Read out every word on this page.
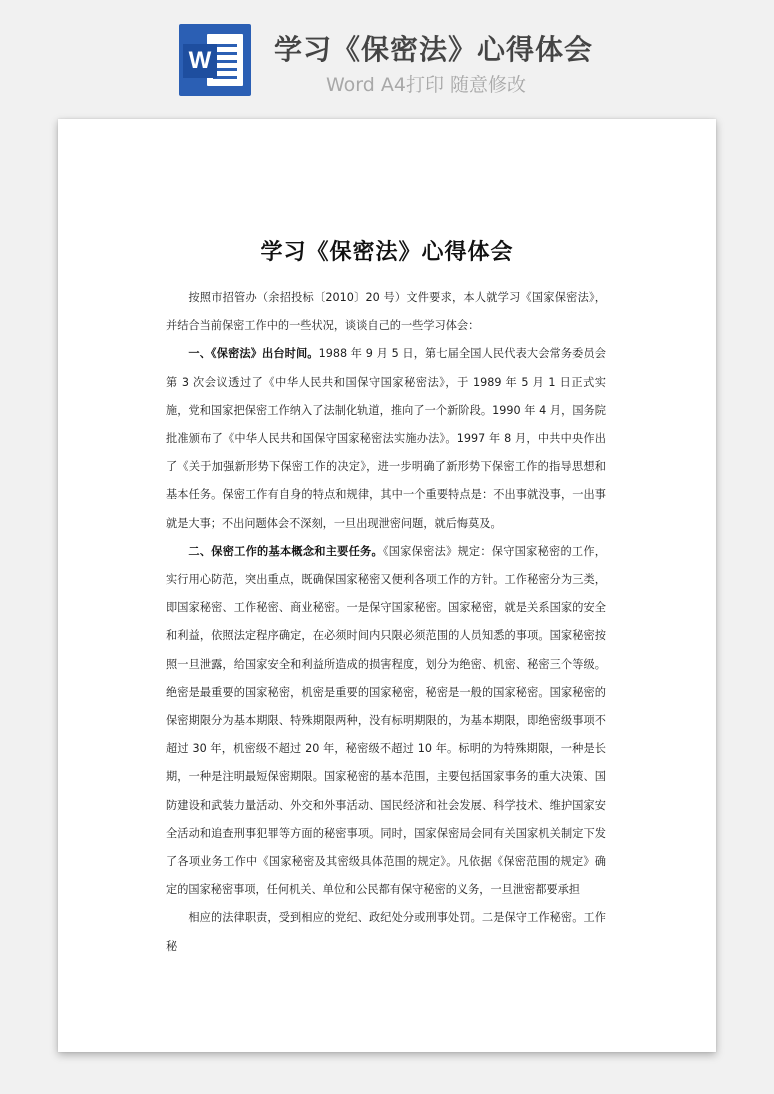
W 学习《保密法》心得体会
Word A4打印 随意修改
学习《保密法》心得体会

按照市招管办（余招投标〔2010〕20 号）文件要求，本人就学习《国家保密法》，并结合当前保密工作中的一些状况，谈谈自己的一些学习体会：

一、《保密法》出台时间。1988 年 9 月 5 日，第七届全国人民代表大会常务委员会第 3 次会议透过了《中华人民共和国保守国家秘密法》，于 1989 年 5 月 1 日正式实施，党和国家把保密工作纳入了法制化轨道，推向了一个新阶段。1990 年 4 月，国务院批准颁布了《中华人民共和国保守国家秘密法实施办法》。1997 年 8 月，中共中央作出了《关于加强新形势下保密工作的决定》，进一步明确了新形势下保密工作的指导思想和基本任务。保密工作有自身的特点和规律，其中一个重要特点是：不出事就没事，一出事就是大事；不出问题体会不深刻，一旦出现泄密问题，就后悔莫及。

二、保密工作的基本概念和主要任务。《国家保密法》规定：保守国家秘密的工作，实行用心防范，突出重点，既确保国家秘密又便利各项工作的方针。工作秘密分为三类，即国家秘密、工作秘密、商业秘密。一是保守国家秘密。国家秘密，就是关系国家的安全和利益，依照法定程序确定，在必须时间内只限必须范围的人员知悉的事项。国家秘密按照一旦泄露，给国家安全和利益所造成的损害程度，划分为绝密、机密、秘密三个等级。绝密是最重要的国家秘密，机密是重要的国家秘密，秘密是一般的国家秘密。国家秘密的保密期限分为基本期限、特殊期限两种，没有标明期限的，为基本期限，即绝密级事项不超过 30 年，机密级不超过 20 年，秘密级不超过 10 年。标明的为特殊期限，一种是长期，一种是注明最短保密期限。国家秘密的基本范围，主要包括国家事务的重大决策、国防建设和武装力量活动、外交和外事活动、国民经济和社会发展、科学技术、维护国家安全活动和追查刑事犯罪等方面的秘密事项。同时，国家保密局会同有关国家机关制定下发了各项业务工作中《国家秘密及其密级具体范围的规定》。凡依据《保密范围的规定》确定的国家秘密事项，任何机关、单位和公民都有保守秘密的义务，一旦泄密都要承担

相应的法律职责，受到相应的党纪、政纪处分或刑事处罚。二是保守工作秘密。工作秘
